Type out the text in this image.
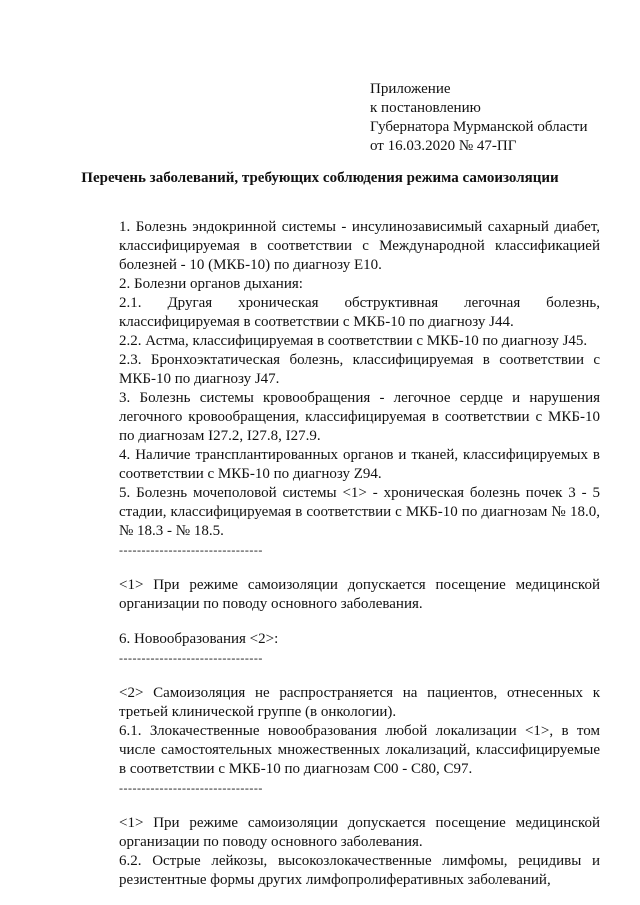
Приложение
к постановлению
Губернатора Мурманской области
от 16.03.2020 № 47-ПГ
Перечень заболеваний, требующих соблюдения режима самоизоляции

1. Болезнь эндокринной системы - инсулинозависимый сахарный диабет, классифицируемая в соответствии с Международной классификацией болезней - 10 (МКБ-10) по диагнозу E10.

2. Болезни органов дыхания:

2.1. Другая хроническая обструктивная легочная болезнь, классифицируемая в соответствии с МКБ-10 по диагнозу J44.

2.2. Астма, классифицируемая в соответствии с МКБ-10 по диагнозу J45.

2.3. Бронхоэктатическая болезнь, классифицируемая в соответствии с МКБ-10 по диагнозу J47.

3. Болезнь системы кровообращения - легочное сердце и нарушения легочного кровообращения, классифицируемая в соответствии с МКБ-10 по диагнозам I27.2, I27.8, I27.9.

4. Наличие трансплантированных органов и тканей, классифицируемых в соответствии с МКБ-10 по диагнозу Z94.

5. Болезнь мочеполовой системы <1> - хроническая болезнь почек 3 - 5 стадии, классифицируемая в соответствии с МКБ-10 по диагнозам № 18.0, № 18.3 - № 18.5.

--------------------------------

<1> При режиме самоизоляции допускается посещение медицинской организации по поводу основного заболевания.

6. Новообразования <2>:

--------------------------------

<2> Самоизоляция не распространяется на пациентов, отнесенных к третьей клинической группе (в онкологии).

6.1. Злокачественные новообразования любой локализации <1>, в том числе самостоятельных множественных локализаций, классифицируемые в соответствии с МКБ-10 по диагнозам C00 - C80, C97.

--------------------------------

<1> При режиме самоизоляции допускается посещение медицинской организации по поводу основного заболевания.

6.2. Острые лейкозы, высокозлокачественные лимфомы, рецидивы и резистентные формы других лимфопролиферативных заболеваний,
